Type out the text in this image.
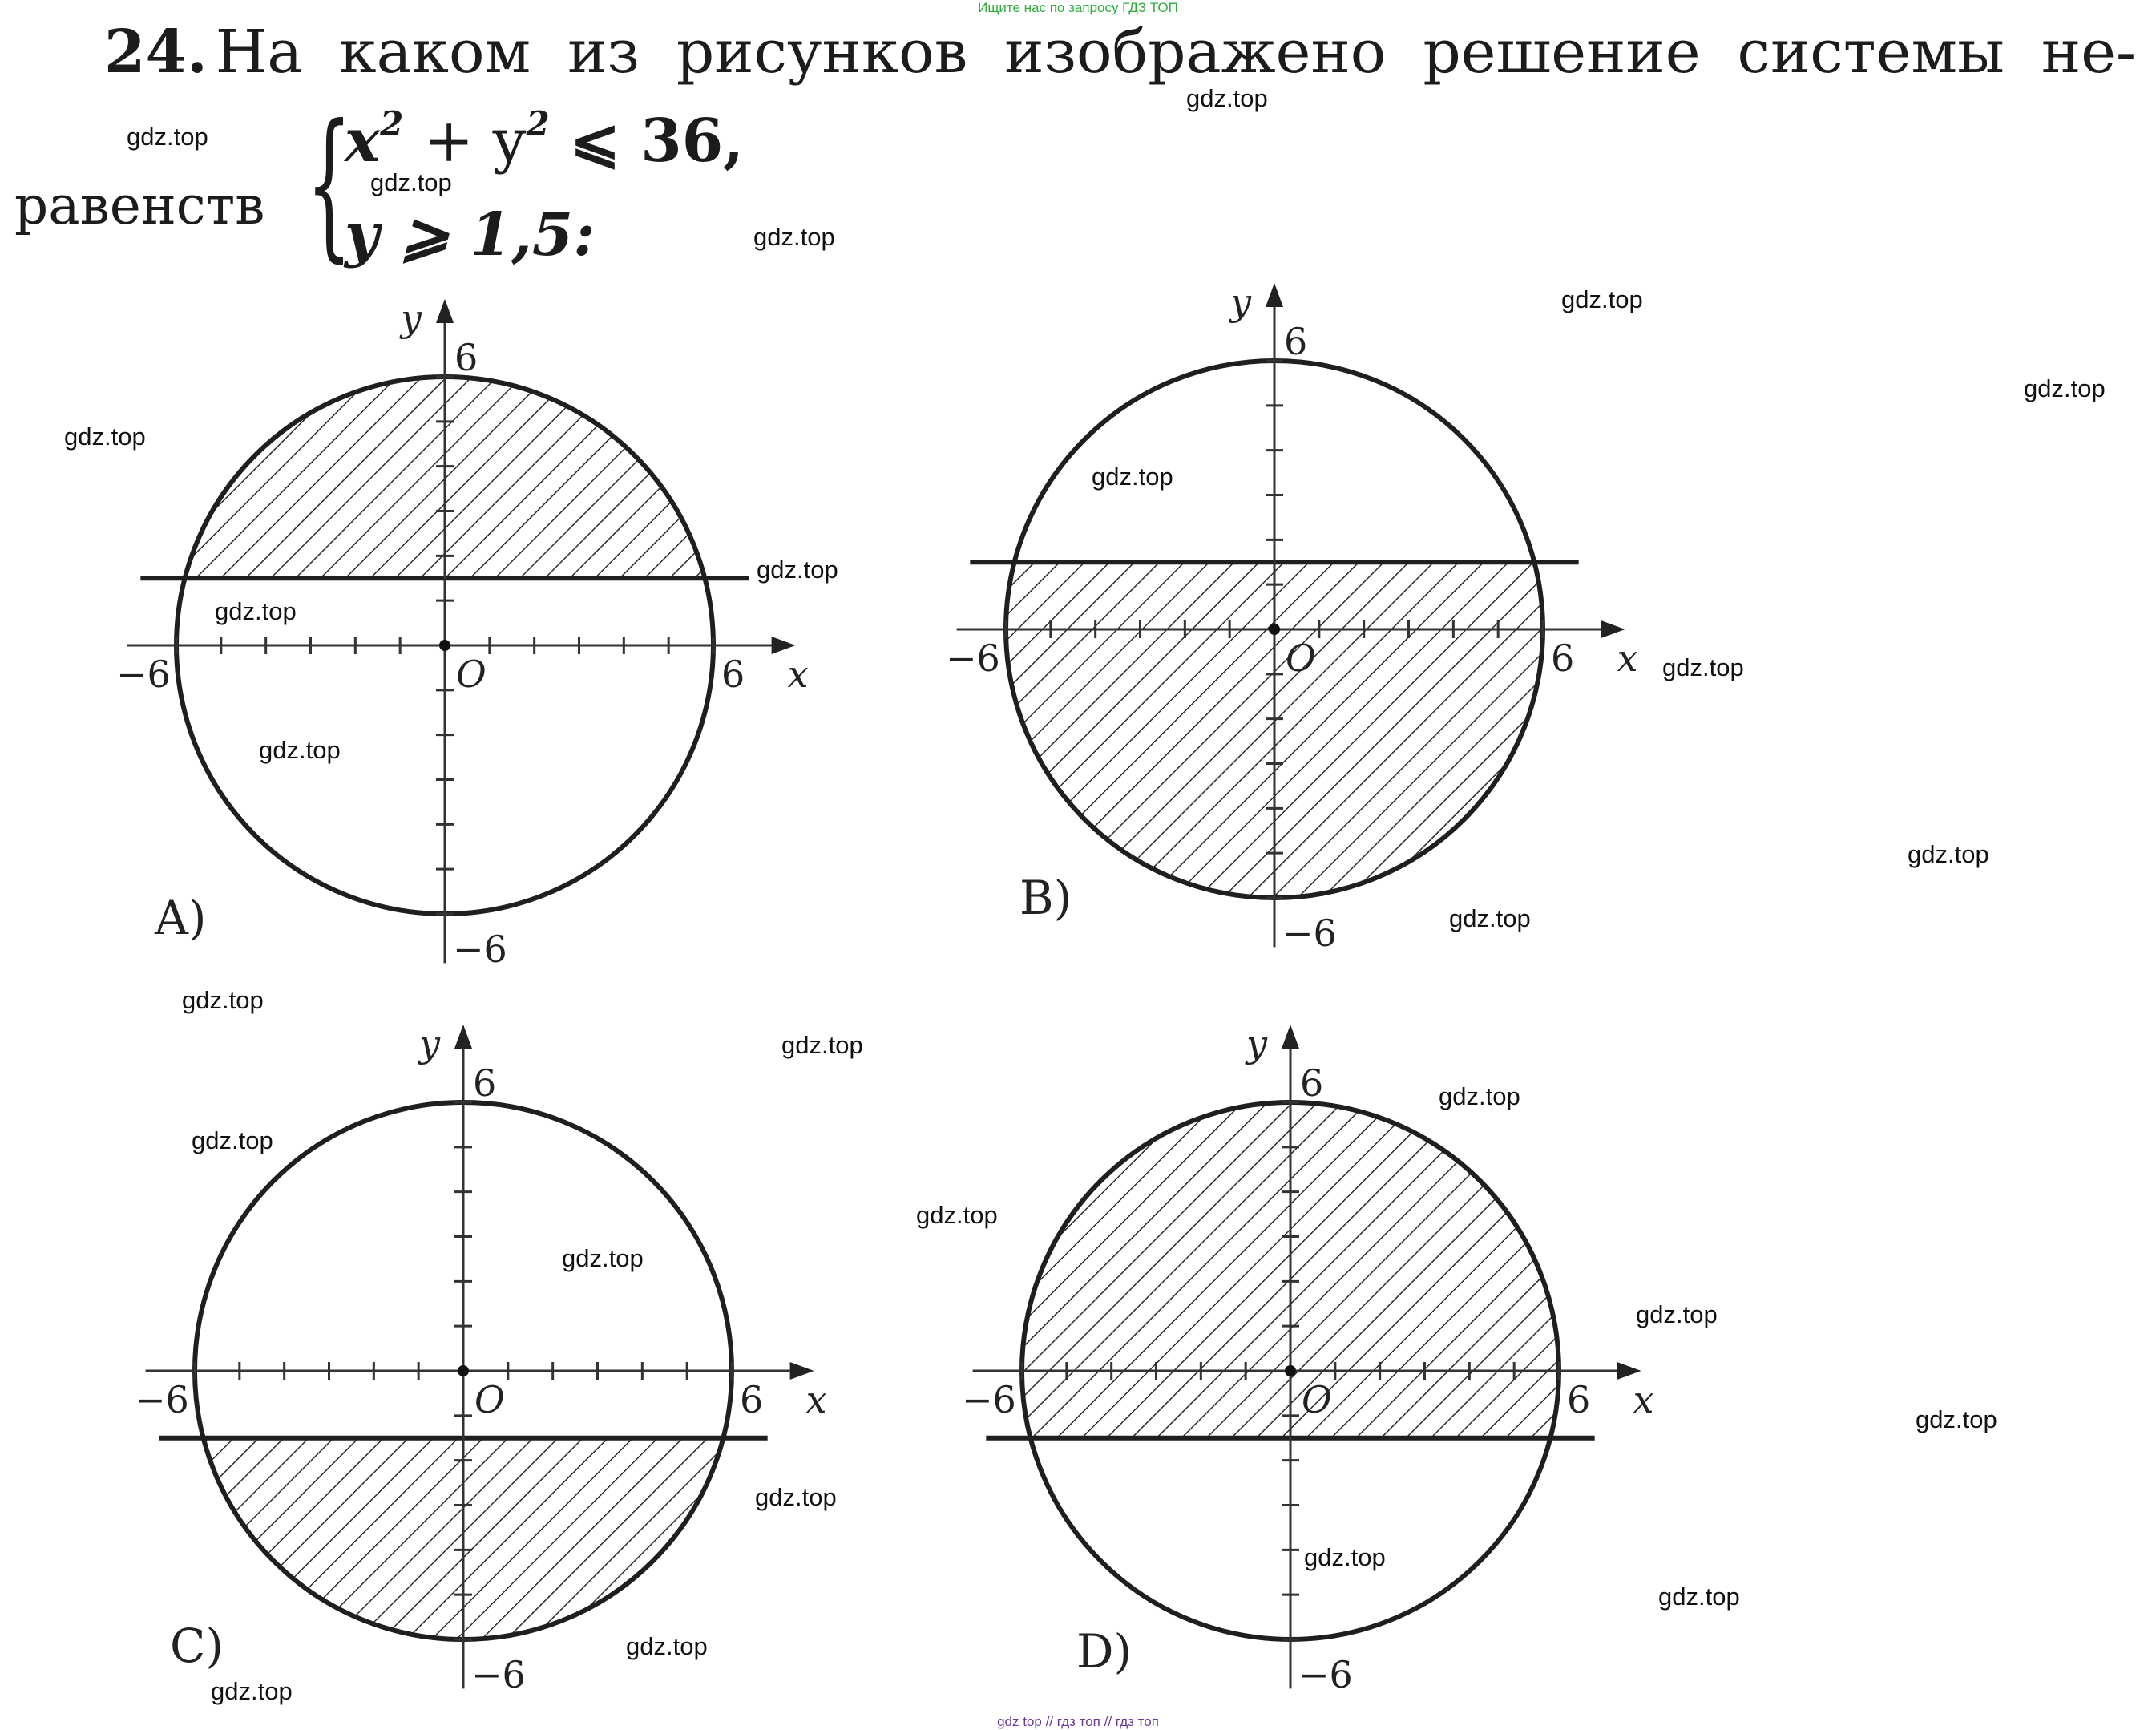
Ищите нас по запросу ГДЗ ТОП
24. На каком из рисунков изображено решение системы не-
равенств {
$x^2 + y^2$ ⩽ 36,
y ⩾ 1,5:
−6	6
O	x
y
6
−6
A)
−6	6
O	x
y
6
−6
B)
−6	6
O	x
y
6
−6
C)
−6	6
O	x
y
6
−6
D)
gdz.top
gdz.top
gdz.top
gdz.top
gdz.top
gdz.top
gdz.top
gdz.top
gdz.top
gdz.top
gdz.top
gdz.top
gdz.top
gdz.top
gdz.top
gdz.top
gdz.top
gdz.top
gdz.top
gdz.top
gdz.top
gdz.top
gdz.top
gdz.top
gdz.top
gdz.top
gdz.top
gdz top // гдз топ // гдз топ
